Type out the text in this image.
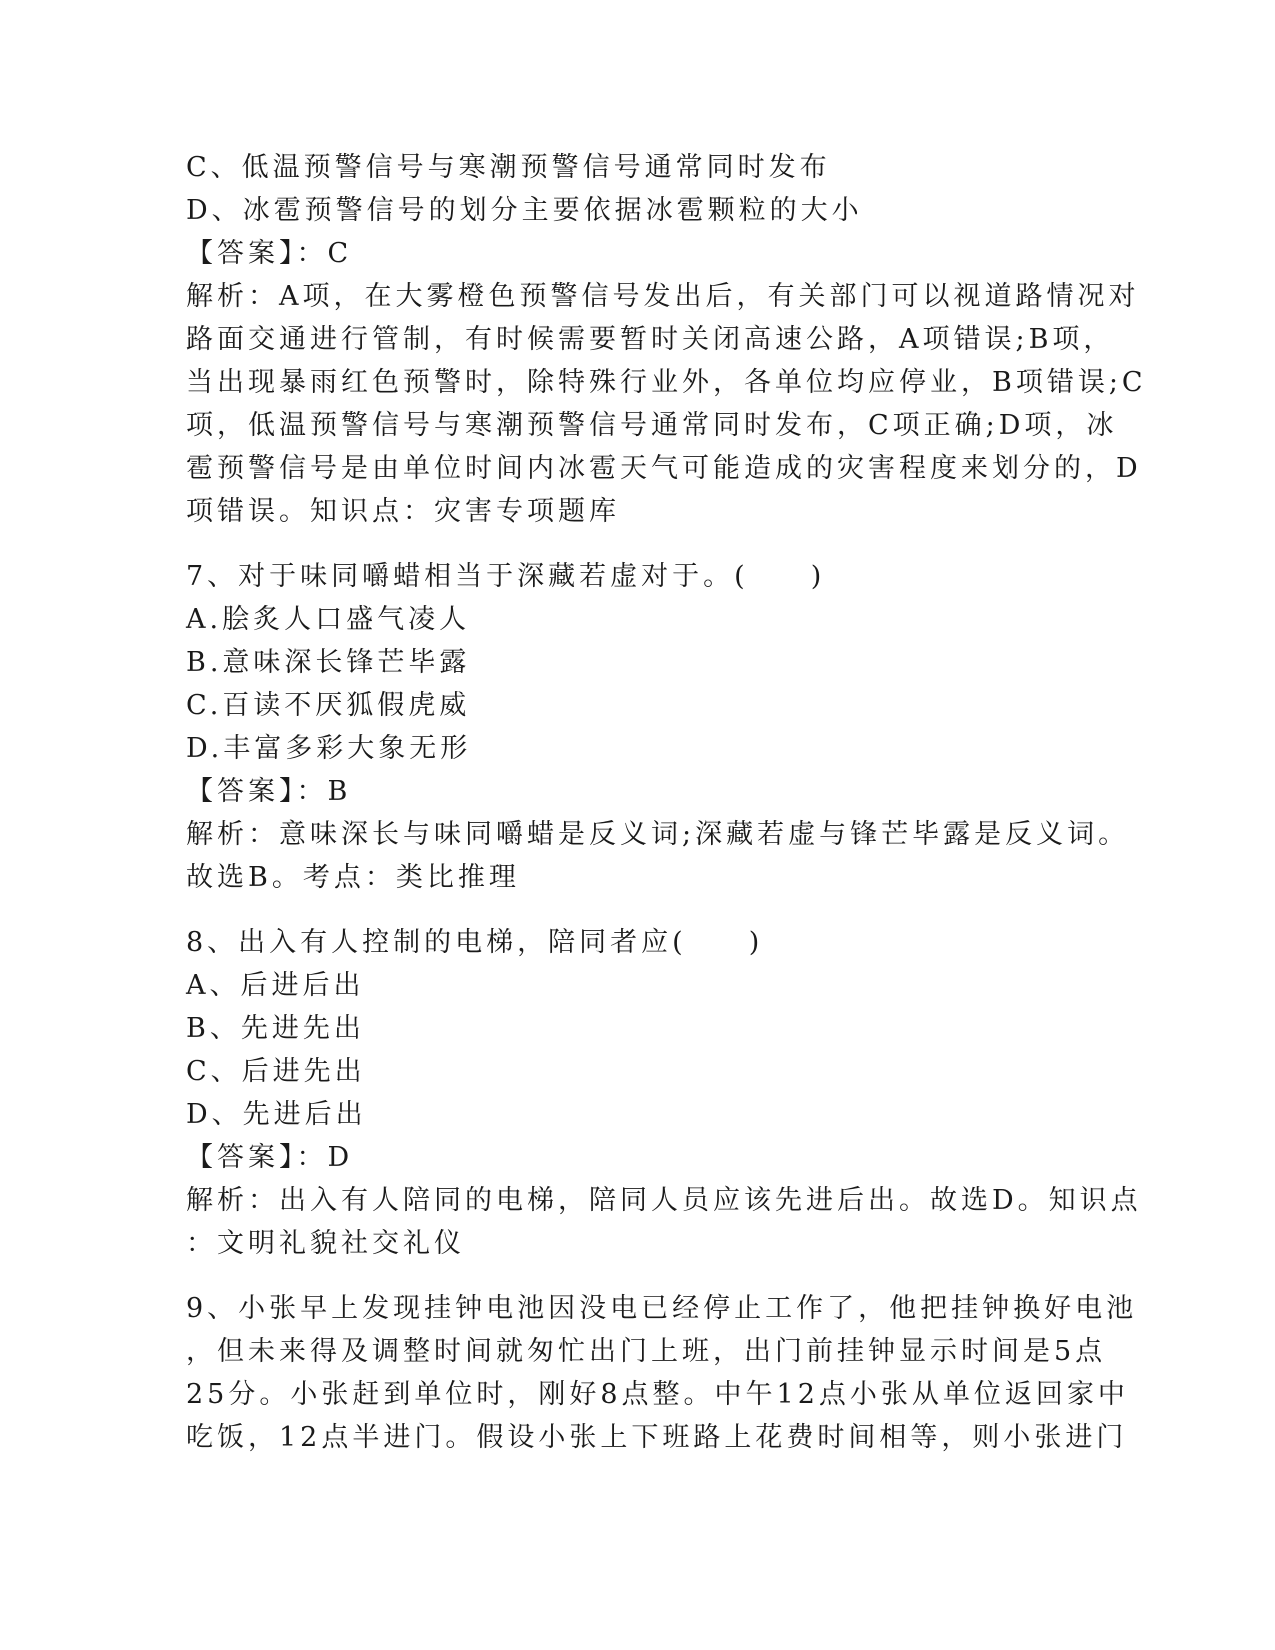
C、低温预警信号与寒潮预警信号通常同时发布
D、冰雹预警信号的划分主要依据冰雹颗粒的大小
【答案】：C
解析：A项，在大雾橙色预警信号发出后，有关部门可以视道路情况对
路面交通进行管制，有时候需要暂时关闭高速公路，A项错误;B项，
当出现暴雨红色预警时，除特殊行业外，各单位均应停业，B项错误;C
项，低温预警信号与寒潮预警信号通常同时发布，C项正确;D项，冰
雹预警信号是由单位时间内冰雹天气可能造成的灾害程度来划分的，D
项错误。知识点：灾害专项题库
7、对于味同嚼蜡相当于深藏若虚对于。(　　)
A.脍炙人口盛气凌人
B.意味深长锋芒毕露
C.百读不厌狐假虎威
D.丰富多彩大象无形
【答案】：B
解析：意味深长与味同嚼蜡是反义词;深藏若虚与锋芒毕露是反义词。
故选B。考点：类比推理
8、出入有人控制的电梯，陪同者应(　　)
A、后进后出
B、先进先出
C、后进先出
D、先进后出
【答案】：D
解析：出入有人陪同的电梯，陪同人员应该先进后出。故选D。知识点
：文明礼貌社交礼仪
9、小张早上发现挂钟电池因没电已经停止工作了，他把挂钟换好电池
，但未来得及调整时间就匆忙出门上班，出门前挂钟显示时间是5点
25分。小张赶到单位时，刚好8点整。中午12点小张从单位返回家中
吃饭，12点半进门。假设小张上下班路上花费时间相等，则小张进门
